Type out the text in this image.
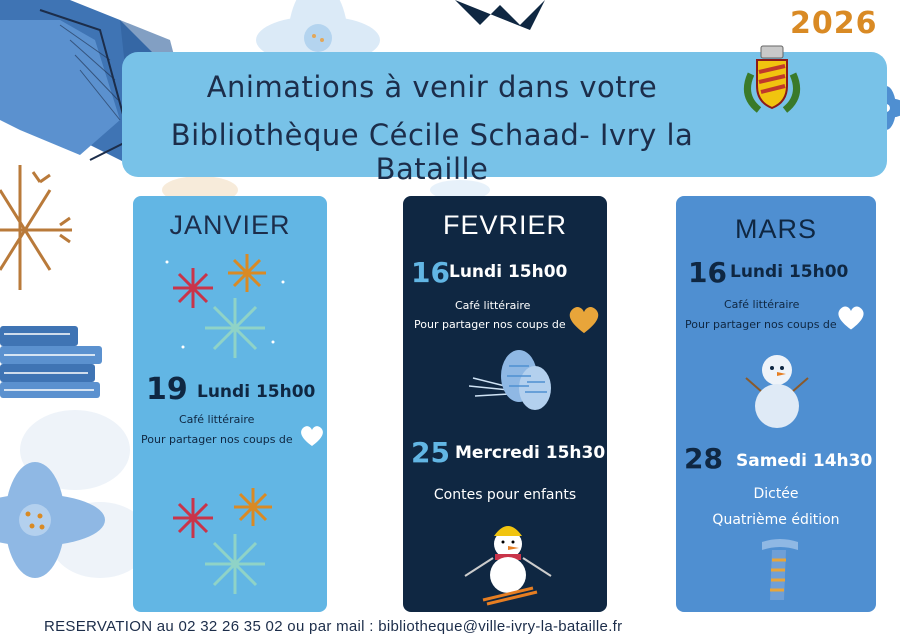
2026
Animations à venir dans votre
Bibliothèque Cécile Schaad- Ivry la Bataille
JANVIER
19 Lundi 15h00
Café littéraire
Pour partager nos coups de
FEVRIER
16 Lundi 15h00
Café littéraire
Pour partager nos coups de
25 Mercredi 15h30
Contes pour enfants
MARS
16 Lundi 15h00
Café littéraire
Pour partager nos coups de
28 Samedi 14h30
Dictée
Quatrième édition
RESERVATION au 02 32 26 35 02 ou par mail : bibliotheque@ville-ivry-la-bataille.fr
